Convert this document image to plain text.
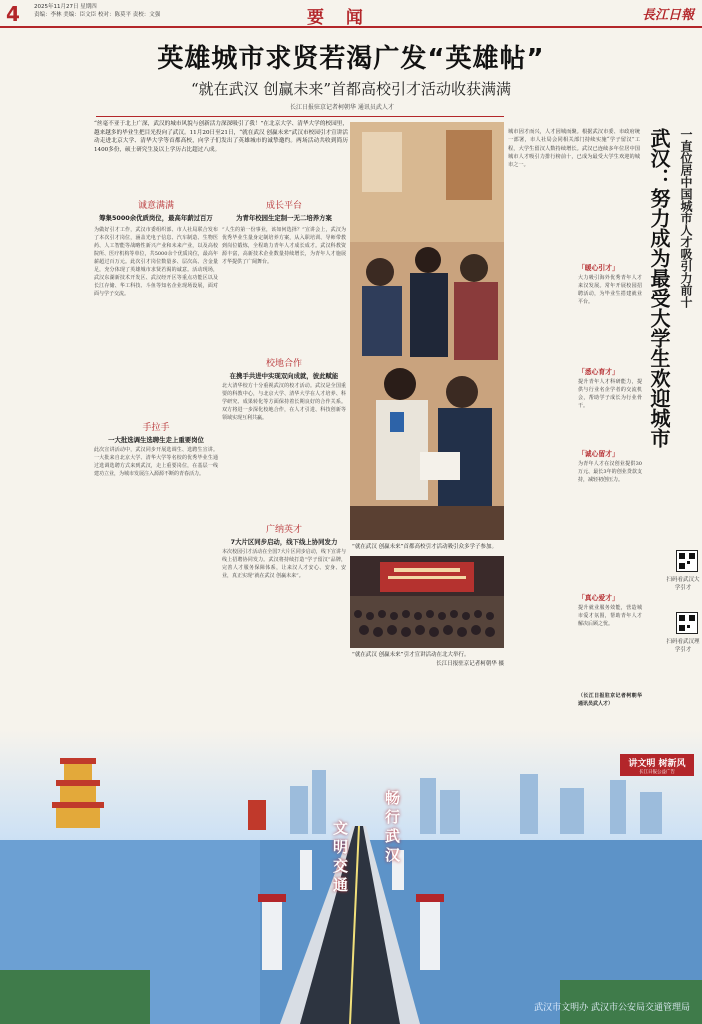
4	2025年11月27日 星期四
责编：李林 美编：臣文臣 校对：陈莫平 责校：文强	要 闻	長江日報
英雄城市求贤若渴广发“英雄帖”
“就在武汉 创赢未来”首都高校引才活动收获满满
长江日报驻京记者柯朝华 通讯员武人才
“丝毫不亚于北上广深，武汉的城市风貌与创新活力深深吸引了我！”在北京大学、清华大学的校园里，越来越多的毕业生把目光投向了武汉。11月20日至21日，“就在武汉 创赢未来”武汉市校园引才宣讲活动走进北京大学、清华大学等首都高校，向学子们发出了英雄城市的诚挚邀约。两场活动共收到简历1400多份，硕士研究生及以上学历占比超过八成。
诚意满满
筹集5000余优质岗位，最高年薪过百万
为做好引才工作，武汉市委组织部、市人社局联合发布了本次引才岗位，涵盖光电子信息、汽车制造、生物医药、人工智能等战略性新兴产业和未来产业，以及高校院所、医疗机构等单位，共5000余个优质岗位，最高年薪超过百万元。此次引才岗位数量多、层次高、含金量足，充分体现了英雄城市求贤若渴的诚意。活动现场，武汉东湖新技术开发区、武汉经开区等重点功能区以及长江存储、华工科技、斗鱼等知名企业现场设展，面对面与学子交流。
手拉手
一大批选调生选聘生走上重要岗位
此次宣讲活动中，武汉同步开展选调生、选聘生宣讲。一大批来自北京大学、清华大学等名校的优秀毕业生通过选调选聘方式来到武汉，走上重要岗位，在基层一线建功立业，为城市发展注入源源不断的青春活力。
成长平台
为青年校园生定制一无二培养方案
“人生的第一份事业，该如何选择？”宣讲会上，武汉为优秀毕业生量身定制培养方案，从入职培训、导师带教到岗位锻炼，全程助力青年人才成长成才。武汉科教资源丰富，高新技术企业数量持续增长，为青年人才施展才华提供了广阔舞台。
校地合作
在携手共进中实现双向成就，彼此赋能
北大清华校方十分重视武汉的校才活动。武汉是全国重要的科教中心，与北京大学、清华大学在人才培养、科学研究、成果转化等方面保持着长期良好的合作关系。双方将进一步深化校地合作，在人才引进、科技创新等领域实现互利共赢。
广纳英才
7大片区同步启动，线下线上协同发力
本次校园引才活动在全国7大片区同步启动，线下宣讲与线上招聘协同发力。武汉将持续打造“学子留汉”品牌，完善人才服务保障体系，让来汉人才安心、安身、安业，真正实现“就在武汉 创赢未来”。
“就在武汉 创赢未来”首都高校引才活动吸引众多学子参加。
“就在武汉 创赢未来”引才宣讲活动在北大举行。
长江日报驻京记者柯朝华 摄
城市因才而兴，人才因城而聚。根据武汉市委、市政府统一部署，市人社局会同相关部门持续实施“学子留汉”工程，大学生留汉人数持续增长。武汉已连续多年位居中国城市人才吸引力排行榜前十，已成为最受大学生欢迎的城市之一。	一直位居中国城市人才吸引力前十
武汉：努力成为最受大学生欢迎城市
「暖心引才」
大力吸引海外优秀青年人才来汉发展。常年开展校园招聘活动，为毕业生搭建就业平台。
「悉心育才」
提升青年人才科研能力，提供与行业名企学者的交流机会，帮助学子成长为行业骨干。
「诚心留才」
为青年人才在汉创业提供30万元、最长3年的创业贷款支持，减轻初创压力。
「真心爱才」
提升就业服务效能，营造城市爱才氛围，帮助青年人才解决后顾之忧。
（长江日报驻京记者柯朝华 通讯员武人才）
扫码看武汉大学引才
扫码看武汉理学引才
文明交通 畅行武汉
讲文明 树新风
长江日报公益广告
武汉市文明办 武汉市公安局交通管理局
